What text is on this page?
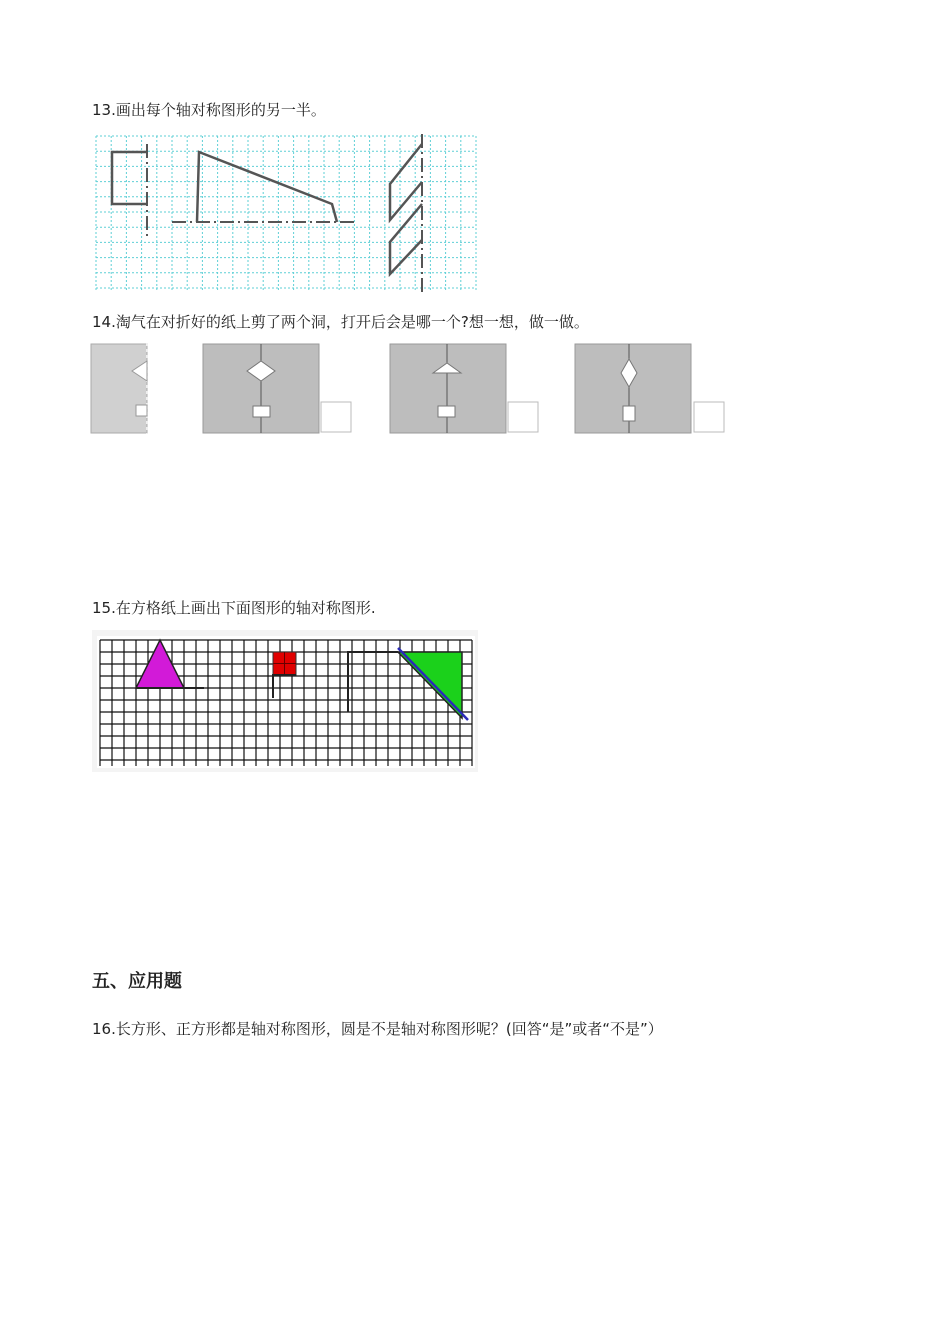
13.画出每个轴对称图形的另一半。
14.淘气在对折好的纸上剪了两个洞，打开后会是哪一个?想一想，做一做。
15.在方格纸上画出下面图形的轴对称图形.
五、应用题
16.长方形、正方形都是轴对称图形，圆是不是轴对称图形呢？(回答“是”或者“不是”）
